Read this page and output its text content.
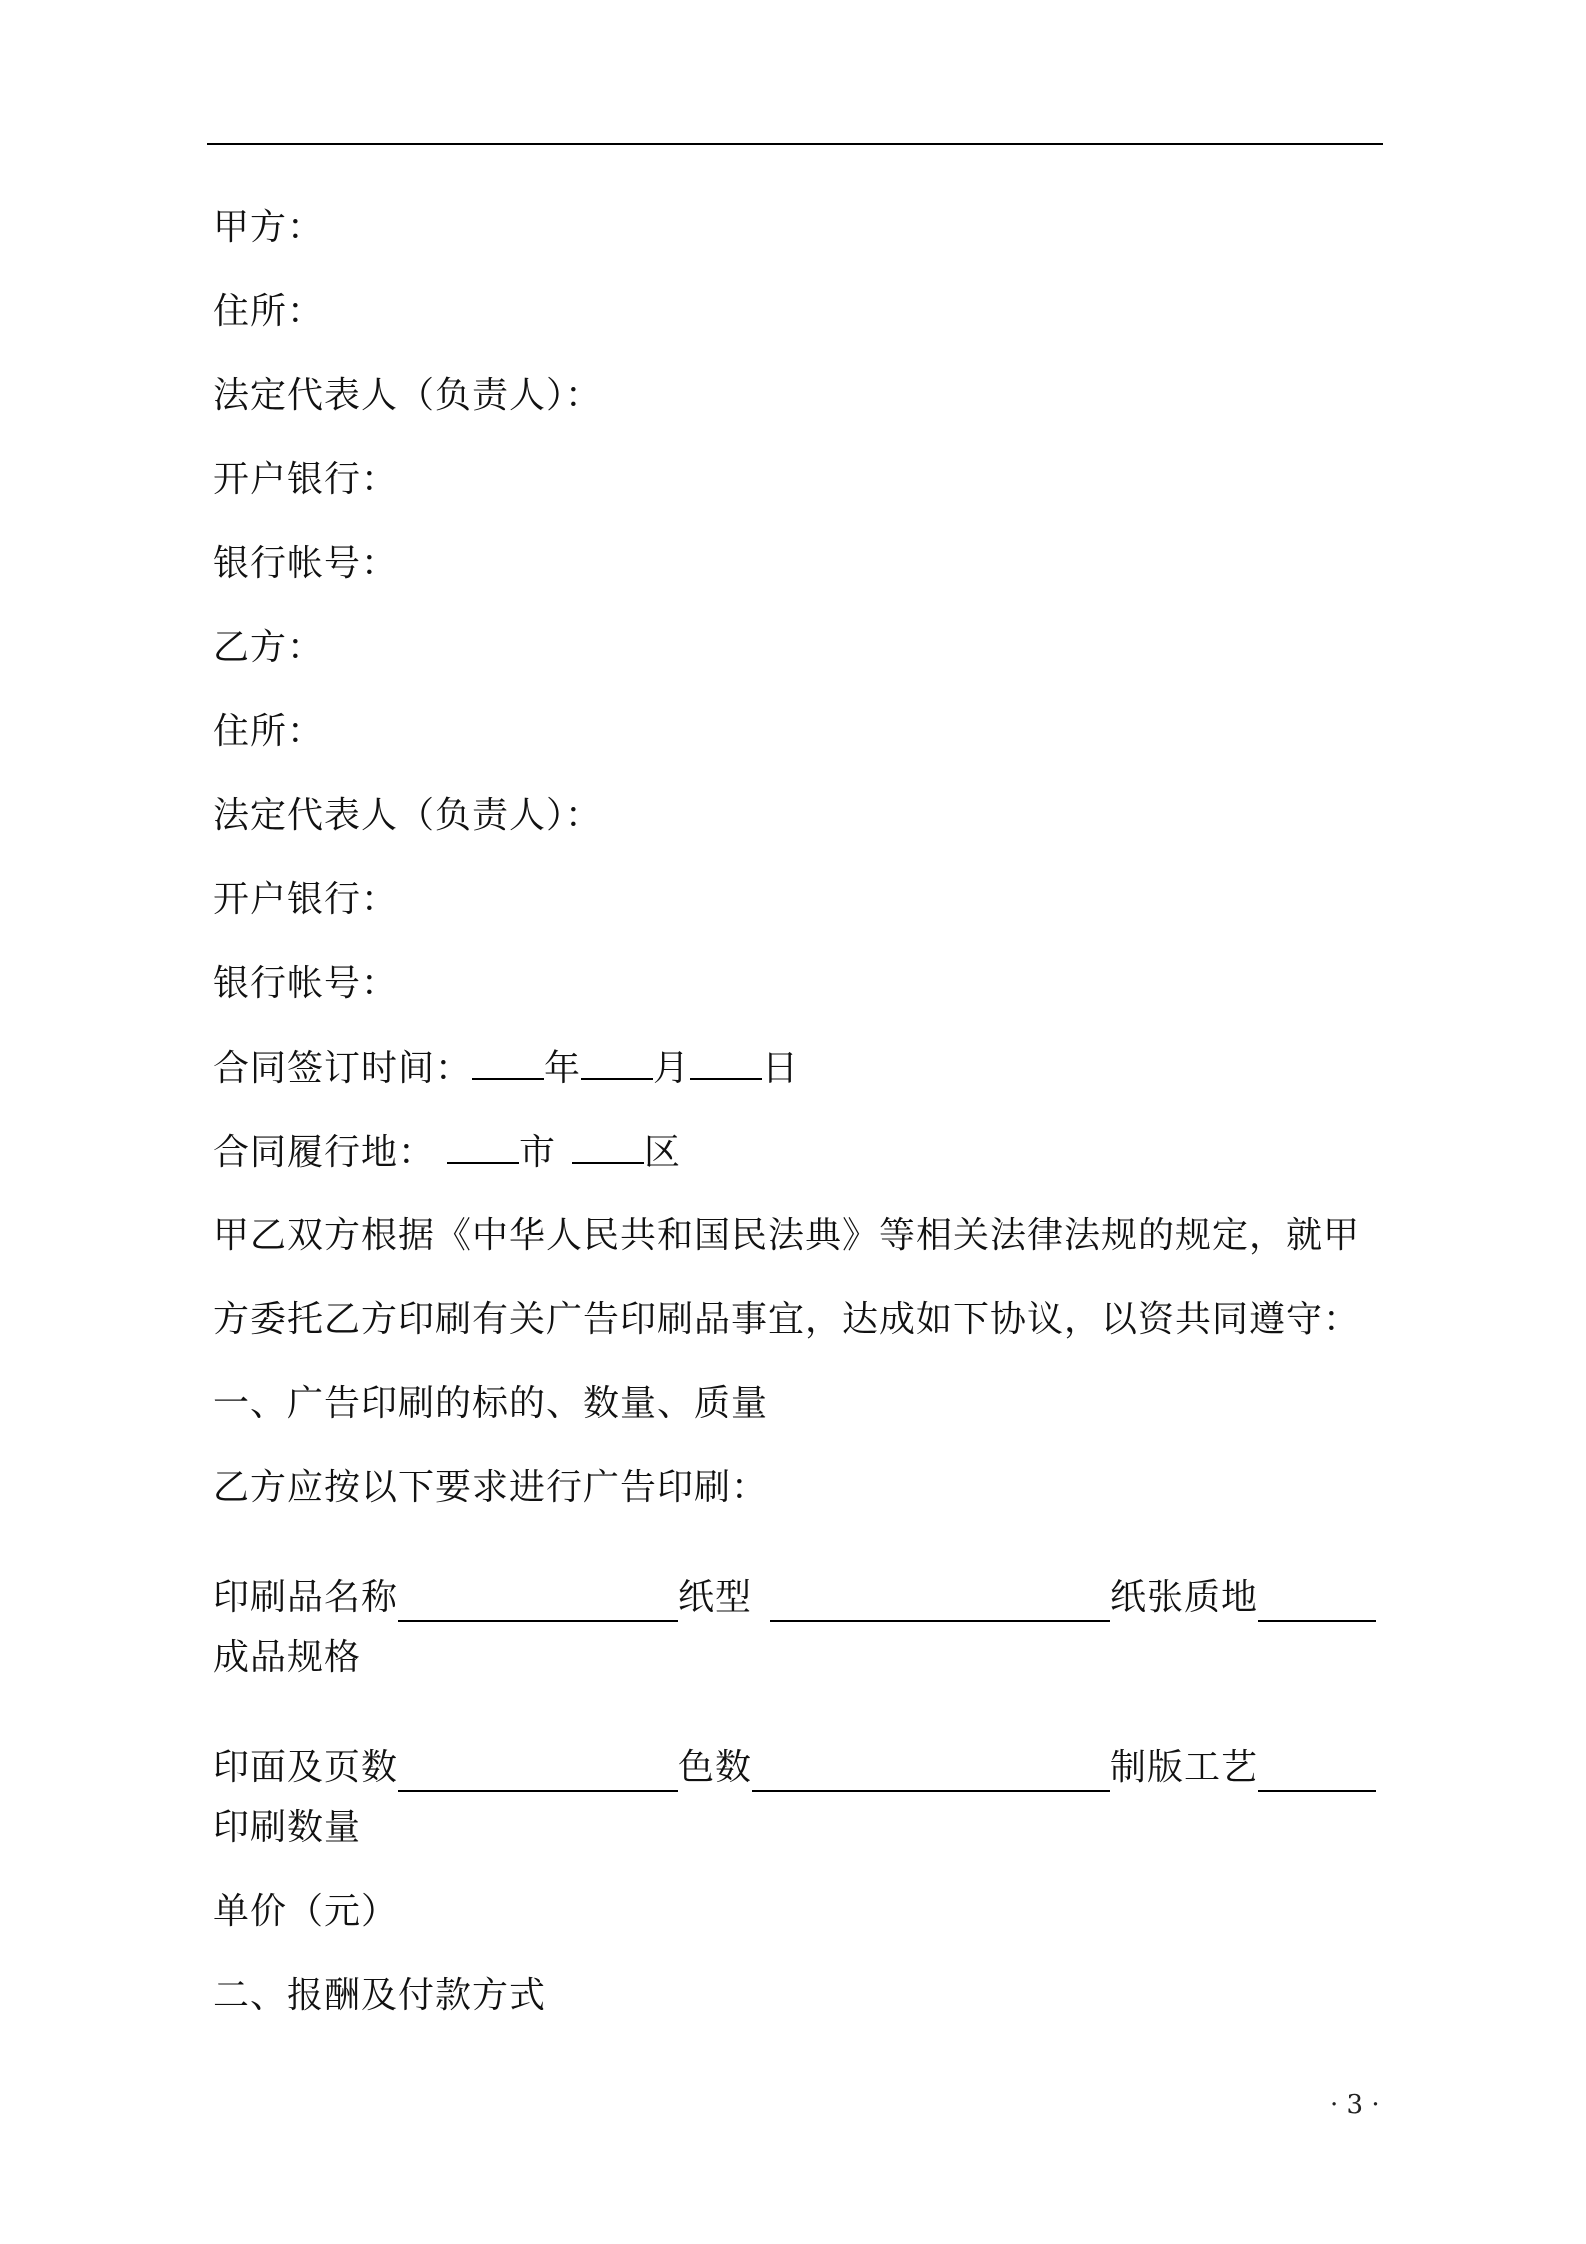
甲方：
住所：
法定代表人（负责人）：
开户银行：
银行帐号：
乙方：
住所：
法定代表人（负责人）：
开户银行：
银行帐号：
合同签订时间： 年 月 日
合同履行地： 市 区
甲乙双方根据《中华人民共和国民法典》等相关法律法规的规定，就甲
方委托乙方印刷有关广告印刷品事宜，达成如下协议，以资共同遵守：
一、广告印刷的标的、数量、质量
乙方应按以下要求进行广告印刷：
印刷品名称	纸型	纸张质地
成品规格
印面及页数	色数	制版工艺
印刷数量
单价（元）
二、报酬及付款方式
· 3 ·
